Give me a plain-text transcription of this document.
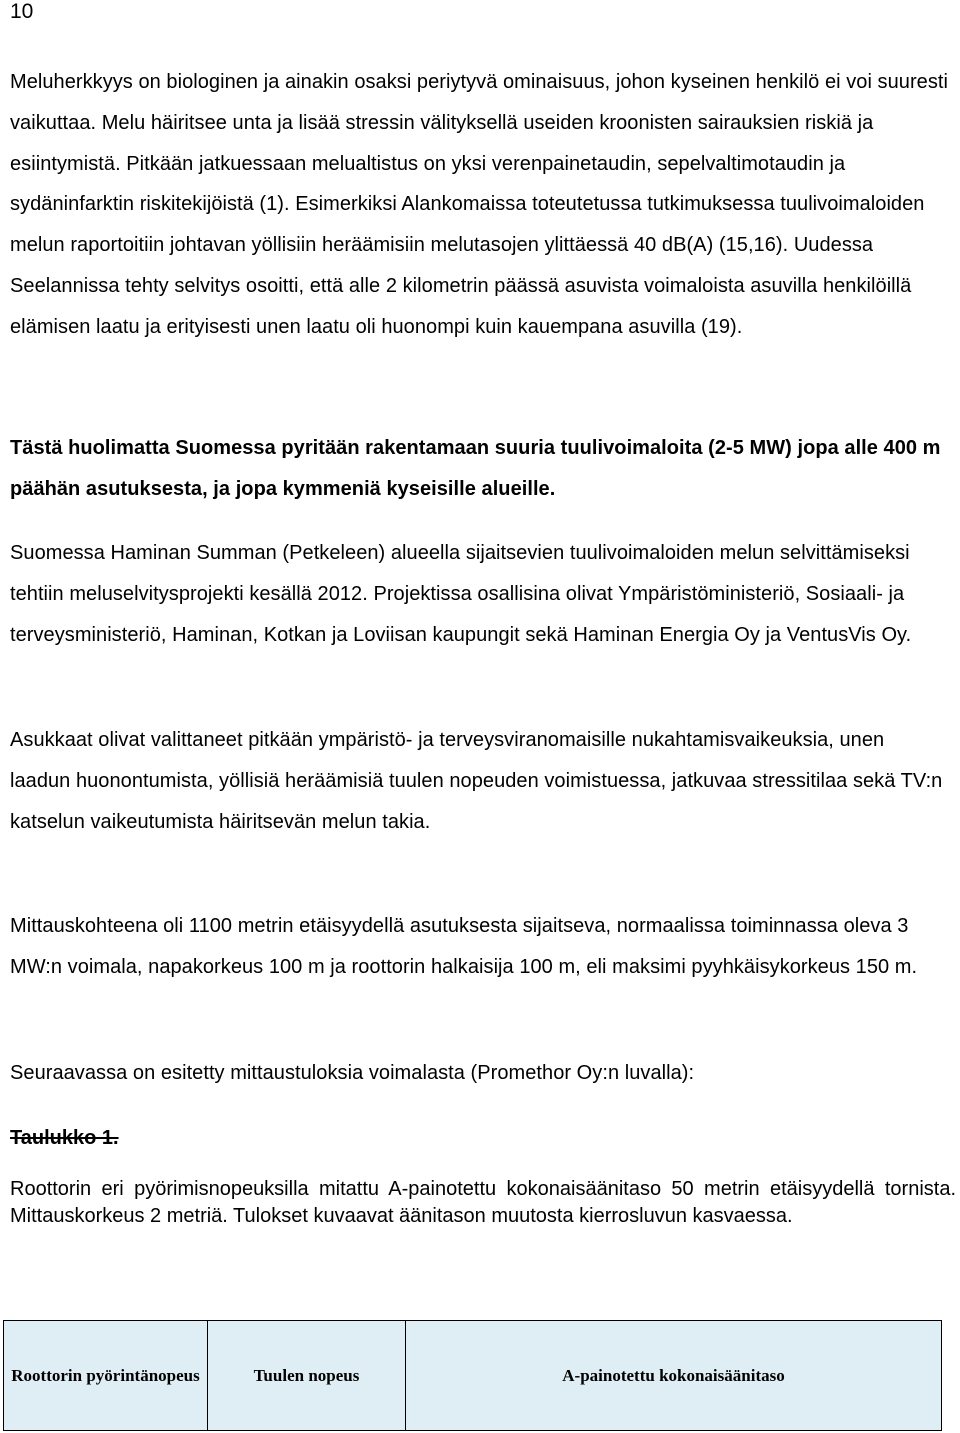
10

Meluherkkyys on biologinen ja ainakin osaksi periytyvä ominaisuus, johon kyseinen henkilö ei voi suuresti vaikuttaa. Melu häiritsee unta ja lisää stressin välityksellä useiden kroonisten sairauksien riskiä ja esiintymistä. Pitkään jatkuessaan melualtistus on yksi verenpainetaudin, sepelvaltimotaudin ja sydäninfarktin riskitekijöistä (1). Esimerkiksi Alankomaissa toteutetussa tutkimuksessa tuulivoimaloiden melun raportoitiin johtavan yöllisiin heräämisiin melutasojen ylittäessä 40 dB(A) (15,16). Uudessa Seelannissa tehty selvitys osoitti, että alle 2 kilometrin päässä asuvista voimaloista asuvilla henkilöillä elämisen laatu ja erityisesti unen laatu oli huonompi kuin kauempana asuvilla (19).

Tästä huolimatta Suomessa pyritään rakentamaan suuria tuulivoimaloita (2-5 MW) jopa alle 400 m päähän asutuksesta, ja jopa kymmeniä kyseisille alueille.

Suomessa Haminan Summan (Petkeleen) alueella sijaitsevien tuulivoimaloiden melun selvittämiseksi tehtiin meluselvitysprojekti kesällä 2012. Projektissa osallisina olivat Ympäristöministeriö, Sosiaali- ja terveysministeriö, Haminan, Kotkan ja Loviisan kaupungit sekä Haminan Energia Oy ja VentusVis Oy.

Asukkaat olivat valittaneet pitkään ympäristö- ja terveysviranomaisille nukahtamisvaikeuksia, unen laadun huonontumista, yöllisiä heräämisiä tuulen nopeuden voimistuessa, jatkuvaa stressitilaa sekä TV:n katselun vaikeutumista häiritsevän melun takia.

Mittauskohteena oli 1100 metrin etäisyydellä asutuksesta sijaitseva, normaalissa toiminnassa oleva 3 MW:n voimala, napakorkeus 100 m ja roottorin halkaisija 100 m, eli maksimi pyyhkäisykorkeus 150 m.

Seuraavassa on esitetty mittaustuloksia voimalasta (Promethor Oy:n luvalla):

Taulukko 1.

Roottorin eri pyörimisnopeuksilla mitattu A-painotettu kokonaisäänitaso 50 metrin etäisyydellä tornista. Mittauskorkeus 2 metriä. Tulokset kuvaavat äänitason muutosta kierrosluvun kasvaessa.

Roottorin pyörintänopeus	Tuulen nopeus	A-painotettu kokonaisäänitaso
